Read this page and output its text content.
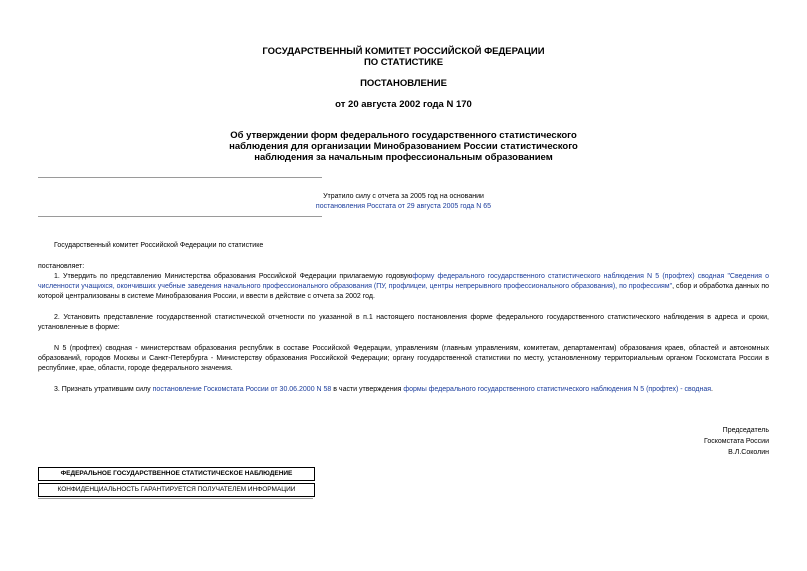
ГОСУДАРСТВЕННЫЙ КОМИТЕТ РОССИЙСКОЙ ФЕДЕРАЦИИ
ПО СТАТИСТИКЕ
ПОСТАНОВЛЕНИЕ
от 20 августа 2002 года N 170
Об утверждении форм федерального государственного статистического
наблюдения для организации Минобразованием России статистического
наблюдения за начальным профессиональным образованием
Утратило силу с отчета за 2005 год на основании
постановления Росстата от 29 августа 2005 года N 65
Государственный комитет Российской Федерации по статистике
постановляет:
1. Утвердить по представлению Министерства образования Российской Федерации прилагаемую годовуюформу федерального государственного статистического наблюдения N 5 (профтех) сводная "Сведения о численности учащихся, окончивших учебные заведения начального профессионального образования (ПУ, профлицеи, центры непрерывного профессионального образования), по профессиям", сбор и обработка данных по которой централизованы в системе Минобразования России, и ввести в действие с отчета за 2002 год.
2. Установить представление государственной статистической отчетности по указанной в п.1 настоящего постановления форме федерального государственного статистического наблюдения в адреса и сроки, установленные в форме:
N 5 (профтех) сводная - министерствам образования республик в составе Российской Федерации, управлениям (главным управлениям, комитетам, департаментам) образования краев, областей и автономных образований, городов Москвы и Санкт-Петербурга - Министерству образования Российской Федерации; органу государственной статистики по месту, установленному территориальным органом Госкомстата России в республике, крае, области, городе федерального значения.
3. Признать утратившим силу постановление Госкомстата России от 30.06.2000 N 58 в части утверждения формы федерального государственного статистического наблюдения N 5 (профтех) - сводная.
Председатель
Госкомстата России
В.Л.Соколин
ФЕДЕРАЛЬНОЕ ГОСУДАРСТВЕННОЕ СТАТИСТИЧЕСКОЕ НАБЛЮДЕНИЕ
КОНФИДЕНЦИАЛЬНОСТЬ ГАРАНТИРУЕТСЯ ПОЛУЧАТЕЛЕМ ИНФОРМАЦИИ
